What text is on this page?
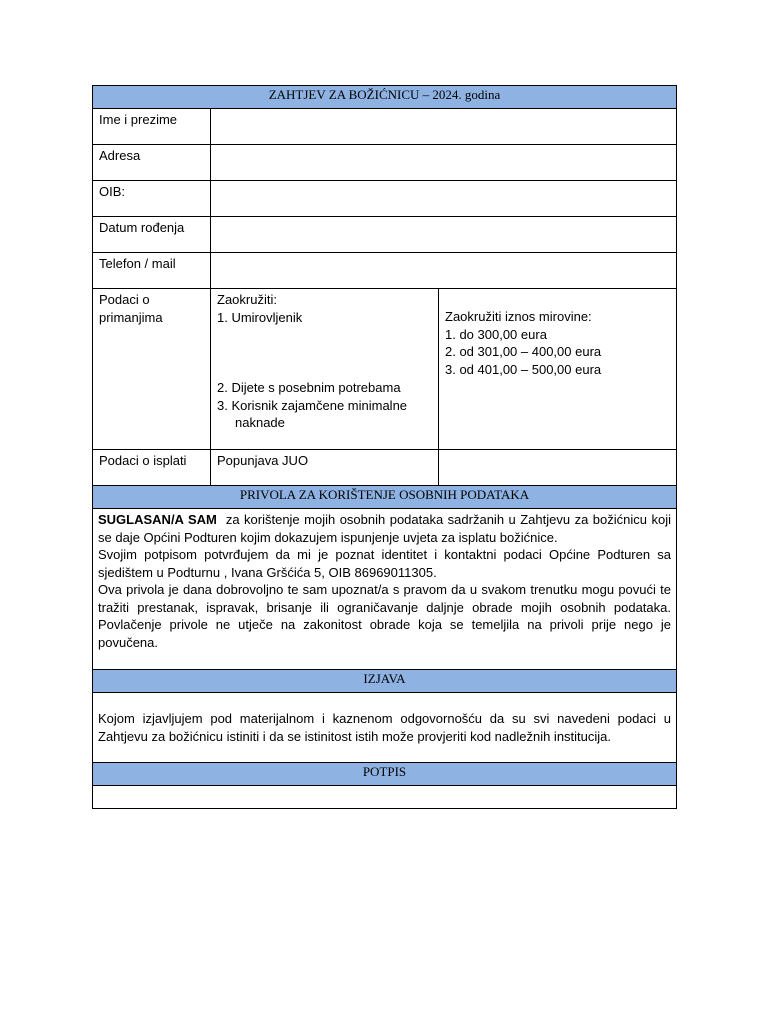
ZAHTJEV ZA BOŽIĆNICU – 2024. godina		
Ime i prezime		
Adresa		
OIB:		
Datum rođenja		
Telefon / mail		
Podaci o primanjima	Zaokružiti:
1. Umirovljenik
2. Dijete s posebnim potrebama
3. Korisnik zajamčene minimalne
naknade	Zaokružiti iznos mirovine:
1. do 300,00 eura
2. od 301,00 – 400,00 eura
3. od 401,00 – 500,00 eura

Podaci o isplati	Popunjava JUO	
PRIVOLA ZA KORIŠTENJE OSOBNIH PODATAKA		

SUGLASAN/A SAM za korištenje mojih osobnih podataka sadržanih u Zahtjevu za božićnicu koji se daje Općini Podturen kojim dokazujem ispunjenje uvjeta za isplatu božićnice.

Svojim potpisom potvrđujem da mi je poznat identitet i kontaktni podaci Općine Podturen sa sjedištem u Podturnu , Ivana Gršćića 5, OIB 86969011305.

Ova privola je dana dobrovoljno te sam upoznat/a s pravom da u svakom trenutku mogu povući te tražiti prestanak, ispravak, brisanje ili ograničavanje daljnje obrade mojih osobnih podataka. Povlačenje privole ne utječe na zakonitost obrade koja se temeljila na privoli prije nego je povučena.		

IZJAVA		
Kojom izjavljujem pod materijalnom i kaznenom odgovornošću da su svi navedeni podaci u Zahtjevu za božićnicu istiniti i da se istinitost istih može provjeriti kod nadležnih institucija.		
POTPIS		
